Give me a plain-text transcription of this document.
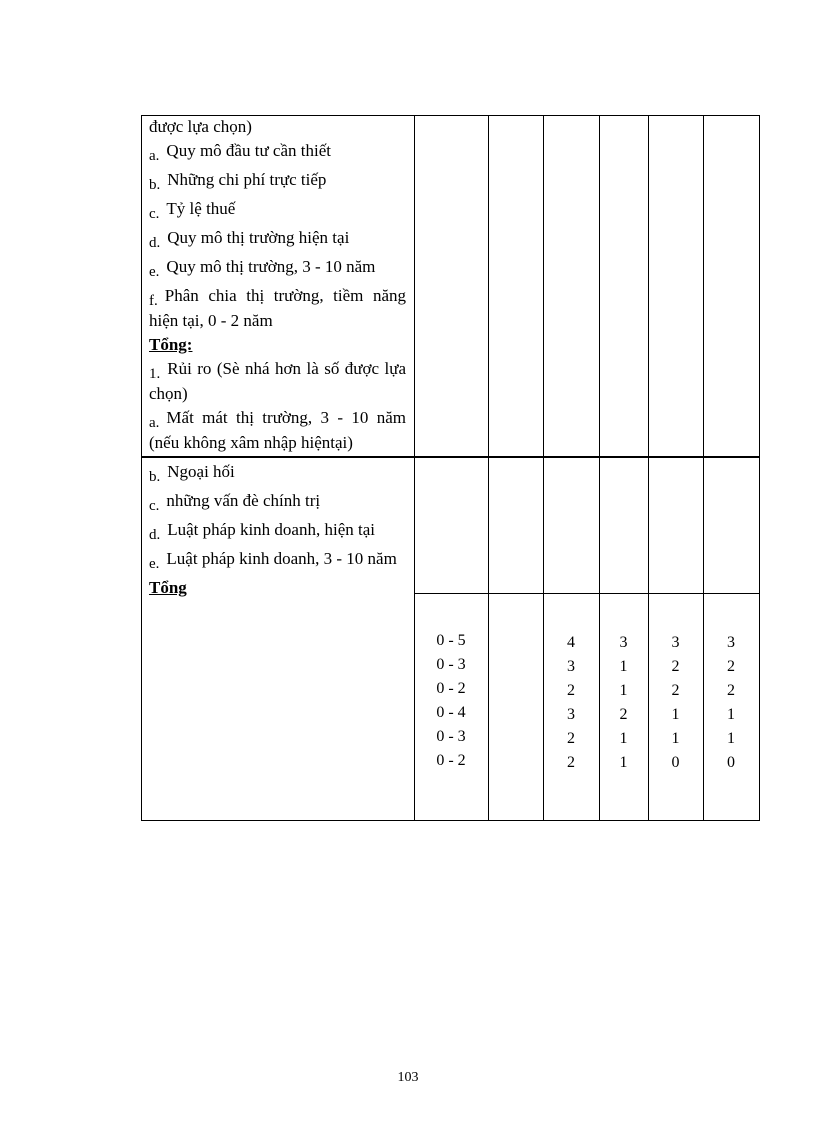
được lựa chọn)
a. Quy mô đầu tư cần thiết
b. Những chi phí trực tiếp
c. Tỷ lệ thuế
d. Quy mô thị trường hiện tại
e. Quy mô thị trường, 3 - 10 năm
f. Phân chia thị trường, tiềm năng hiện tại, 0 - 2 năm
Tổng:
1. Rủi ro (Sè nhá hơn là số được lựa chọn)
a. Mất mát thị trường, 3 - 10 năm (nếu không xâm nhập hiệntại)
b. Ngoại hối
c. những vấn đè chính trị
d. Luật pháp kinh doanh, hiện tại
e. Luật pháp kinh doanh, 3 - 10 năm
Tổng
0 - 5
0 - 3
0 - 2
0 - 4
0 - 3
0 - 2
4
3
2
3
2
2
3
1
1
2
1
1
3
2
2
1
1
0
3
2
2
1
1
0
103
